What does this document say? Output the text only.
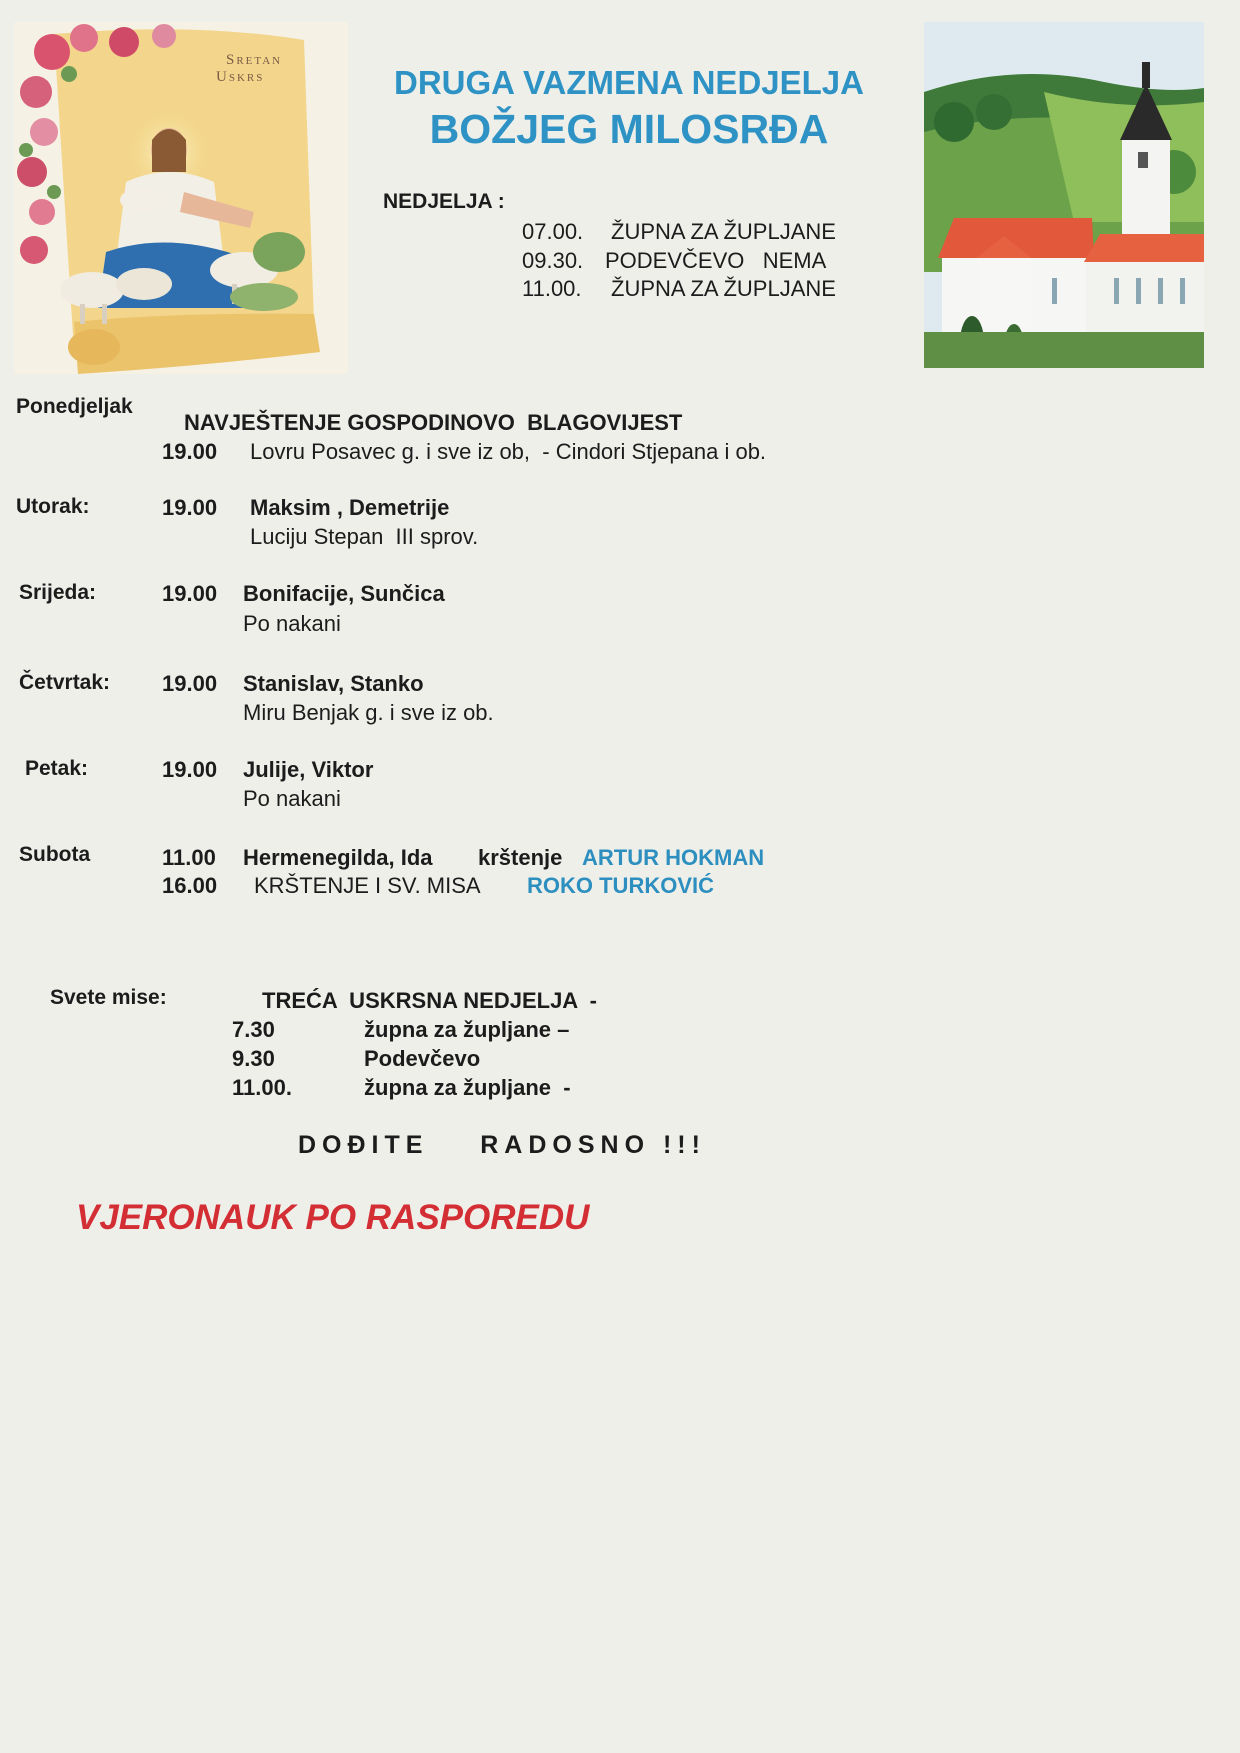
Sretan
Uskrs	DRUGA VAZMENA NEDJELJA
BOŽJEG MILOSRĐA
NEDJELJA :
07.00. ŽUPNA ZA ŽUPLJANE
09.30. PODEVČEVO   NEMA
11.00. ŽUPNA ZA ŽUPLJANE
Ponedjeljak
NAVJEŠTENJE GOSPODINOVO  BLAGOVIJEST
19.00 Lovru Posavec g. i sve iz ob,  - Cindori Stjepana i ob.
Utorak:	19.00 Maksim , Demetrije
Luciju Stepan  III sprov.
Srijeda:	19.00 Bonifacije, Sunčica
Po nakani
Četvrtak: 19.00 Stanislav, Stanko
Miru Benjak g. i sve iz ob.
Petak:	19.00 Julije, Viktor
Po nakani
Subota	11.00 Hermenegilda, Ida krštenje ARTUR HOKMAN
16.00 KRŠTENJE I SV. MISA ROKO TURKOVIĆ
Svete mise:	TREĆA  USKRSNA NEDJELJA  -
7.30	župna za župljane –
9.30	Podevčevo
11.00.	župna za župljane  -
DOĐITE    RADOSNO !!!
VJERONAUK PO RASPOREDU
